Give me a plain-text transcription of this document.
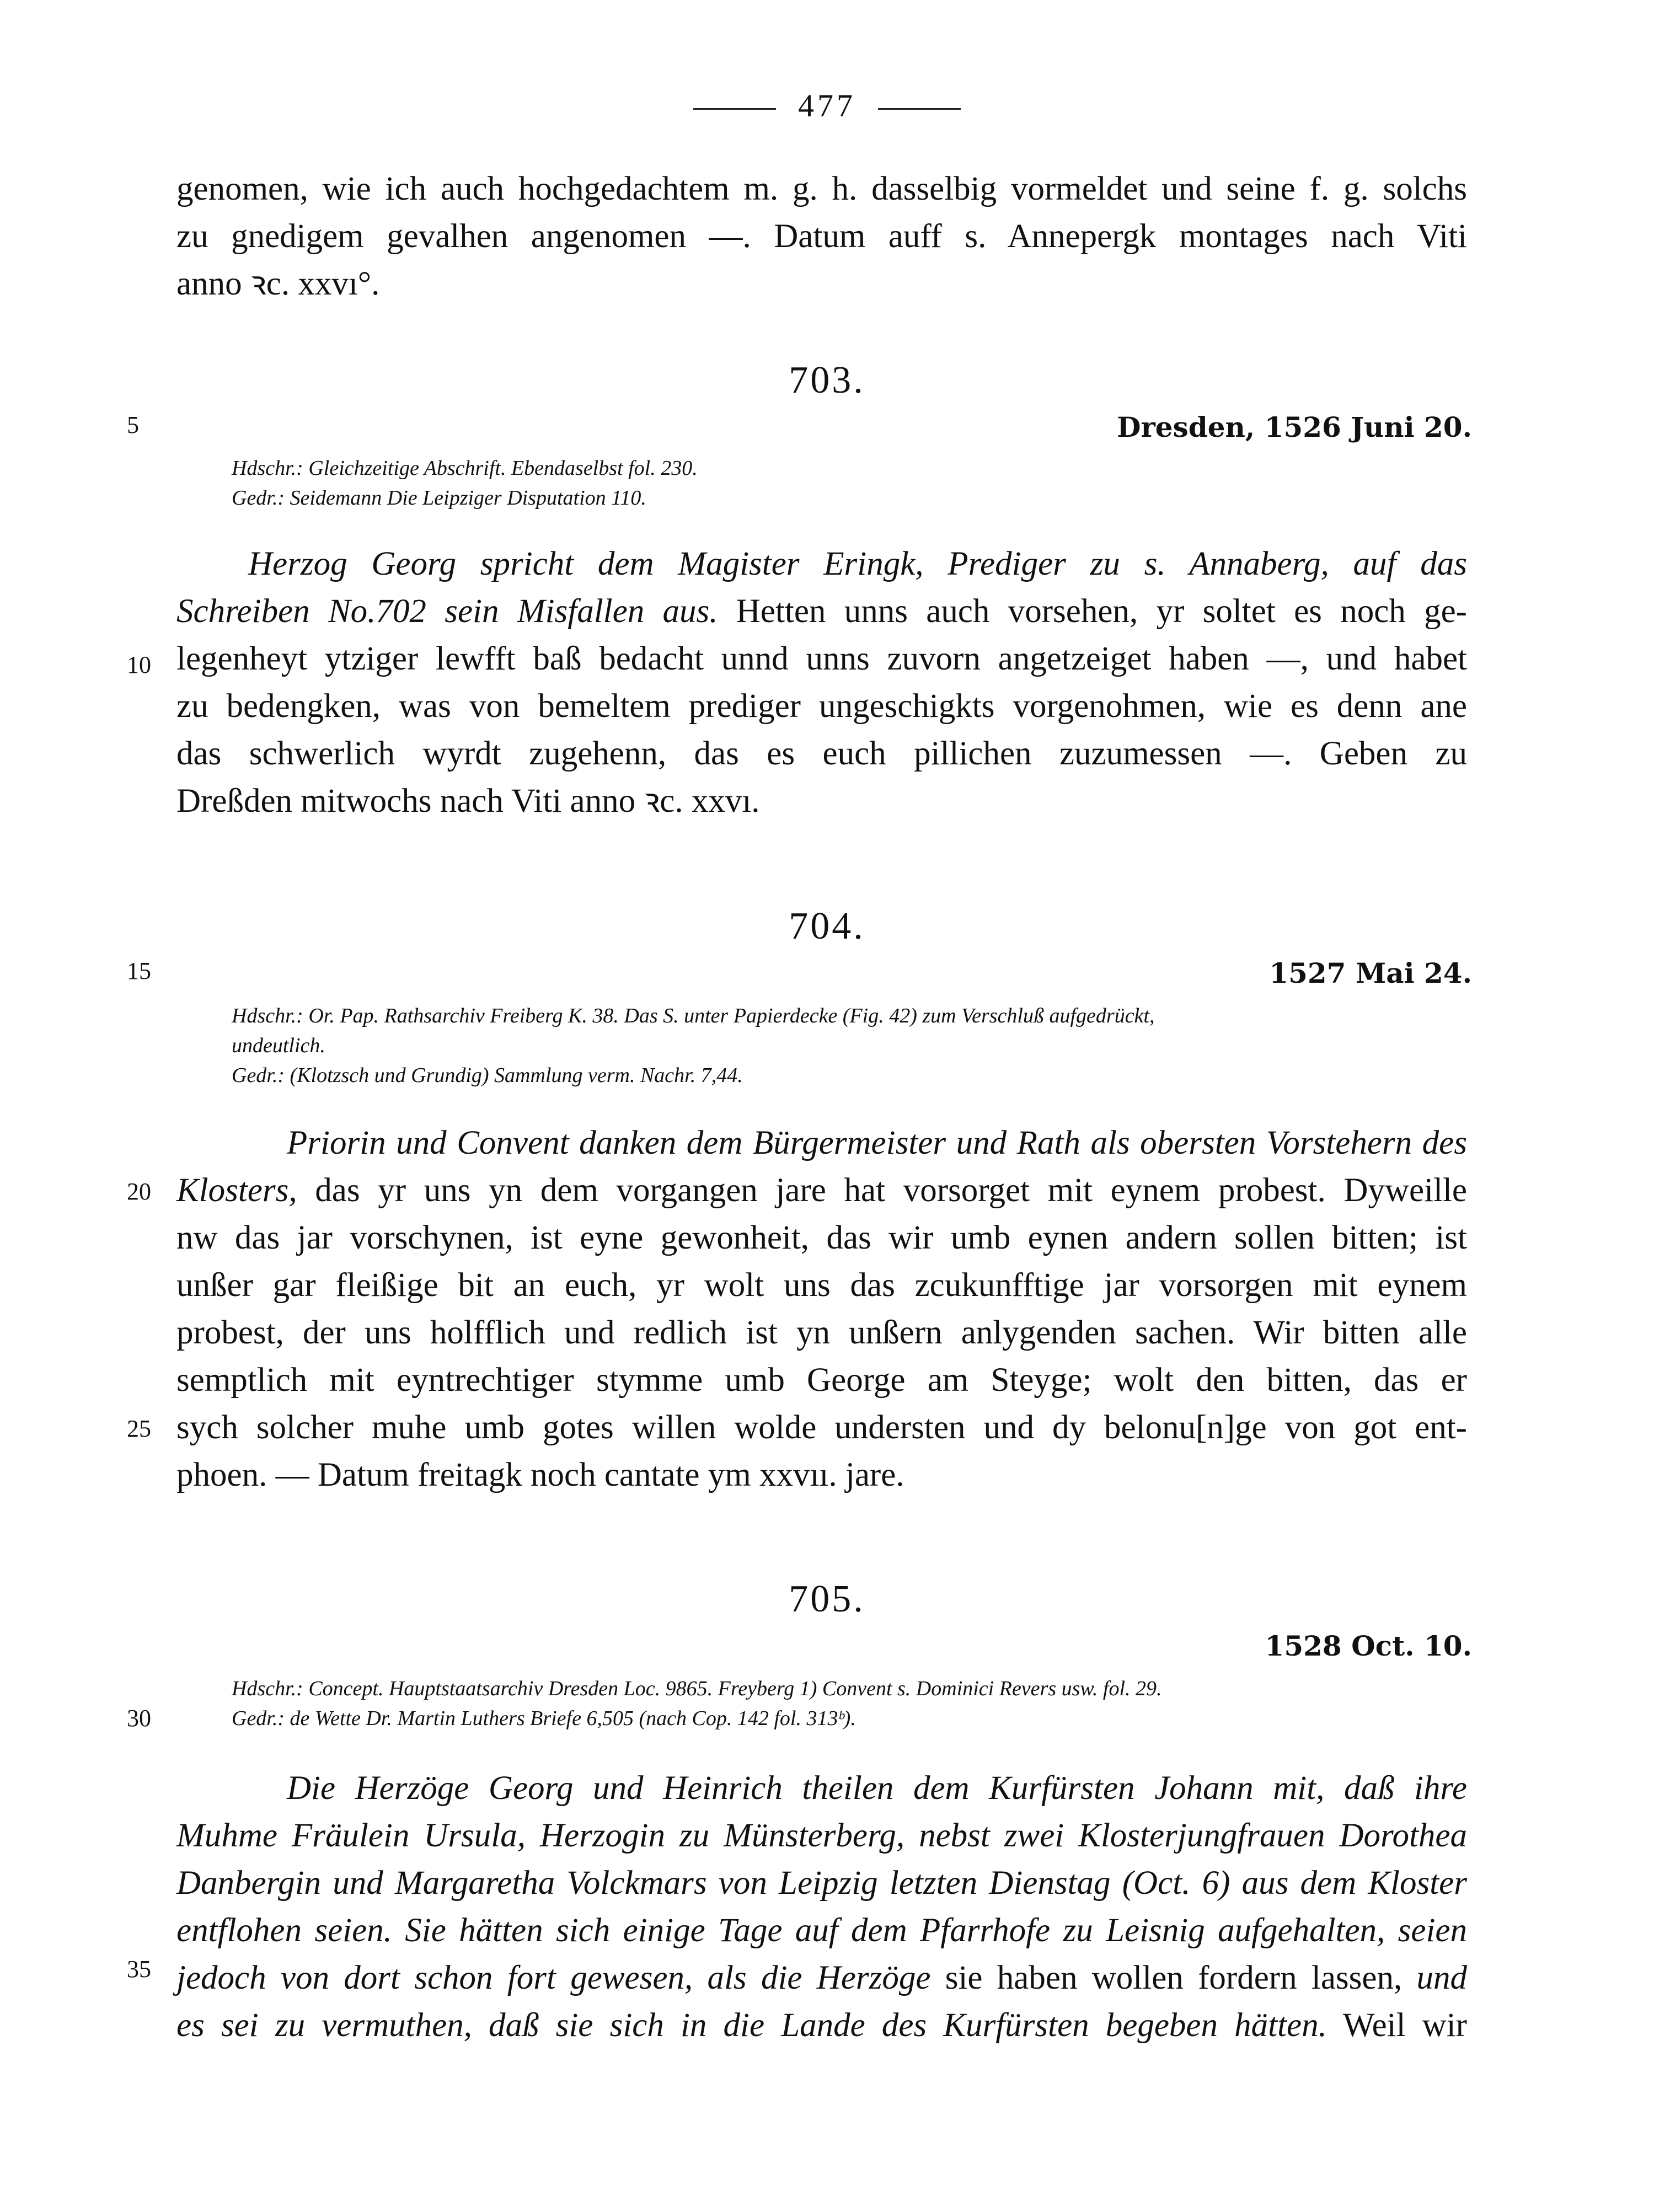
477
genomen, wie ich auch hochgedachtem m. g. h. dasselbig vormeldet und seine f. g. solchs
zu gnedigem gevalhen angenomen —. Datum auff s. Annepergk montages nach Viti
anno ꝛc. xxvı°.
703.
Dresden, 1526 Juni 20.
Hdschr.: Gleichzeitige Abschrift. Ebendaselbst fol. 230.
Gedr.: Seidemann Die Leipziger Disputation 110.
Herzog Georg spricht dem Magister Eringk, Prediger zu s. Annaberg, auf das
Schreiben No.702 sein Misfallen aus. Hetten unns auch vorsehen, yr soltet es noch ge-
legenheyt ytziger lewfft baß bedacht unnd unns zuvorn angetzeiget haben —, und habet
zu bedengken, was von bemeltem prediger ungeschigkts vorgenohmen, wie es denn ane
das schwerlich wyrdt zugehenn, das es euch pillichen zuzumessen —. Geben zu
Dreßden mitwochs nach Viti anno ꝛc. xxvı.
704.
1527 Mai 24.
Hdschr.: Or. Pap. Rathsarchiv Freiberg K. 38. Das S. unter Papierdecke (Fig. 42) zum Verschluß aufgedrückt,
undeutlich.
Gedr.: (Klotzsch und Grundig) Sammlung verm. Nachr. 7,44.
Priorin und Convent danken dem Bürgermeister und Rath als obersten Vorstehern des
Klosters, das yr uns yn dem vorgangen jare hat vorsorget mit eynem probest. Dyweille
nw das jar vorschynen, ist eyne gewonheit, das wir umb eynen andern sollen bitten; ist
unßer gar fleißige bit an euch, yr wolt uns das zcukunfftige jar vorsorgen mit eynem
probest, der uns holfflich und redlich ist yn unßern anlygenden sachen. Wir bitten alle
semptlich mit eyntrechtiger stymme umb George am Steyge; wolt den bitten, das er
sych solcher muhe umb gotes willen wolde understen und dy belonu[n]ge von got ent-
phoen. — Datum freitagk noch cantate ym xxvıı. jare.
705.
1528 Oct. 10.
Hdschr.: Concept. Hauptstaatsarchiv Dresden Loc. 9865. Freyberg 1) Convent s. Dominici Revers usw. fol. 29.
Gedr.: de Wette Dr. Martin Luthers Briefe 6,505 (nach Cop. 142 fol. 313ᵇ).
Die Herzöge Georg und Heinrich theilen dem Kurfürsten Johann mit, daß ihre
Muhme Fräulein Ursula, Herzogin zu Münsterberg, nebst zwei Klosterjungfrauen Dorothea
Danbergin und Margaretha Volckmars von Leipzig letzten Dienstag (Oct. 6) aus dem Kloster
entflohen seien. Sie hätten sich einige Tage auf dem Pfarrhofe zu Leisnig aufgehalten, seien
jedoch von dort schon fort gewesen, als die Herzöge sie haben wollen fordern lassen, und
es sei zu vermuthen, daß sie sich in die Lande des Kurfürsten begeben hätten. Weil wir
5
10
15
20
25
30
35
